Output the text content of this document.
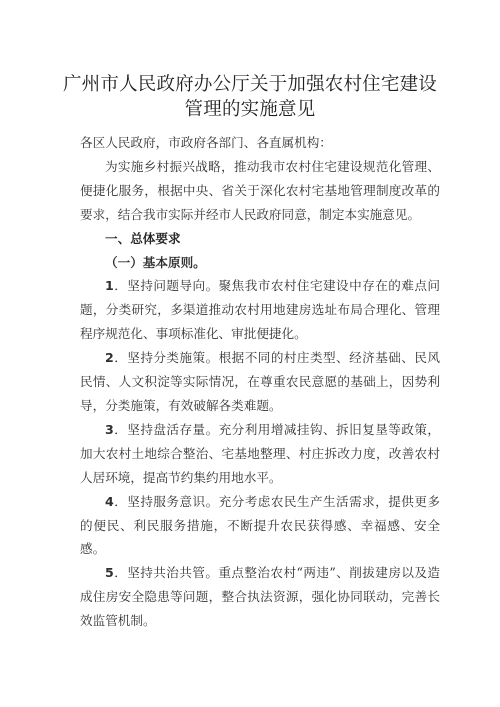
广州市人民政府办公厅关于加强农村住宅建设
管理的实施意见

各区人民政府，市政府各部门、各直属机构：

为实施乡村振兴战略，推动我市农村住宅建设规范化管理、便捷化服务，根据中央、省关于深化农村宅基地管理制度改革的要求，结合我市实际并经市人民政府同意，制定本实施意见。

一、总体要求

（一）基本原则。

1．坚持问题导向。聚焦我市农村住宅建设中存在的难点问题，分类研究，多渠道推动农村用地建房选址布局合理化、管理程序规范化、事项标准化、审批便捷化。

2．坚持分类施策。根据不同的村庄类型、经济基础、民风民情、人文积淀等实际情况，在尊重农民意愿的基础上，因势利导，分类施策，有效破解各类难题。

3．坚持盘活存量。充分利用增减挂钩、拆旧复垦等政策，加大农村土地综合整治、宅基地整理、村庄拆改力度，改善农村人居环境，提高节约集约用地水平。

4．坚持服务意识。充分考虑农民生产生活需求，提供更多的便民、利民服务措施，不断提升农民获得感、幸福感、安全感。

5．坚持共治共管。重点整治农村“两违”、削拔建房以及造成住房安全隐患等问题，整合执法资源，强化协同联动，完善长效监管机制。
